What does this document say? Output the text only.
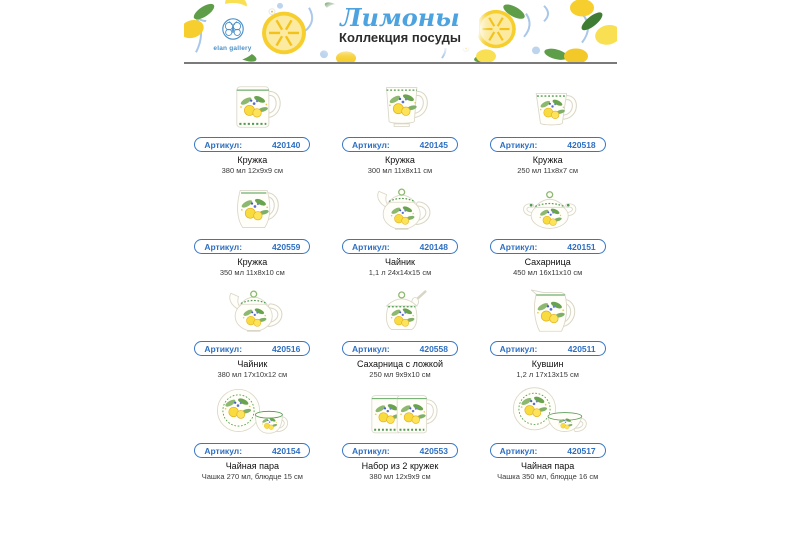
elan gallery
Лимоны
Коллекция посуды
Артикул:	420140
Кружка
380 мл 12х9х9 см
Артикул:	420145
Кружка
300 мл 11х8х11 см
Артикул:	420518
Кружка
250 мл 11х8х7 см
Артикул:	420559
Кружка
350 мл 11х8х10 см
Артикул:	420148
Чайник
1,1 л 24х14х15 см
Артикул:	420151
Сахарница
450 мл 16х11х10 см
Артикул:	420516
Чайник
380 мл 17х10х12 см
Артикул:	420558
Сахарница с ложкой
250 мл 9х9х10 см
Артикул:	420511
Кувшин
1,2 л 17х13х15 см
Артикул:	420154
Чайная пара
Чашка 270 мл, блюдце 15 см
Артикул:	420553
Набор из 2 кружек
380 мл 12х9х9 см
Артикул:	420517
Чайная пара
Чашка 350 мл, блюдце 16 см
